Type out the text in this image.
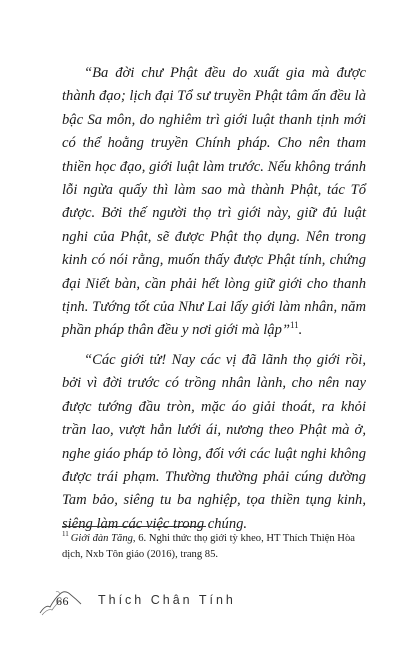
“Ba đời chư Phật đều do xuất gia mà được thành đạo; lịch đại Tổ sư truyền Phật tâm ấn đều là bậc Sa môn, do nghiêm trì giới luật thanh tịnh mới có thể hoằng truyền Chính pháp. Cho nên tham thiền học đạo, giới luật làm trước. Nếu không tránh lỗi ngừa quấy thì làm sao mà thành Phật, tác Tổ được. Bởi thế người thọ trì giới này, giữ đủ luật nghi của Phật, sẽ được Phật thọ dụng. Nên trong kinh có nói rằng, muốn thấy được Phật tính, chứng đại Niết bàn, cần phải hết lòng giữ giới cho thanh tịnh. Tướng tốt của Như Lai lấy giới làm nhân, năm phần pháp thân đều y nơi giới mà lập”$^{11}$.

“Các giới tử! Nay các vị đã lãnh thọ giới rồi, bởi vì đời trước có trồng nhân lành, cho nên nay được tướng đầu tròn, mặc áo giải thoát, ra khỏi trần lao, vượt hẳn lưới ái, nương theo Phật mà ở, nghe giáo pháp tỏ lòng, đối với các luật nghi không được trái phạm. Thường thường phải cúng dường Tam bảo, siêng tu ba nghiệp, tọa thiền tụng kinh, siêng làm các việc trong chúng.

$^{11}$ Giới đàn Tăng, 6. Nghi thức thọ giới tỳ kheo, HT Thích Thiện Hòa dịch, Nxb Tôn giáo (2016), trang 85.
66 Thích Chân Tính
